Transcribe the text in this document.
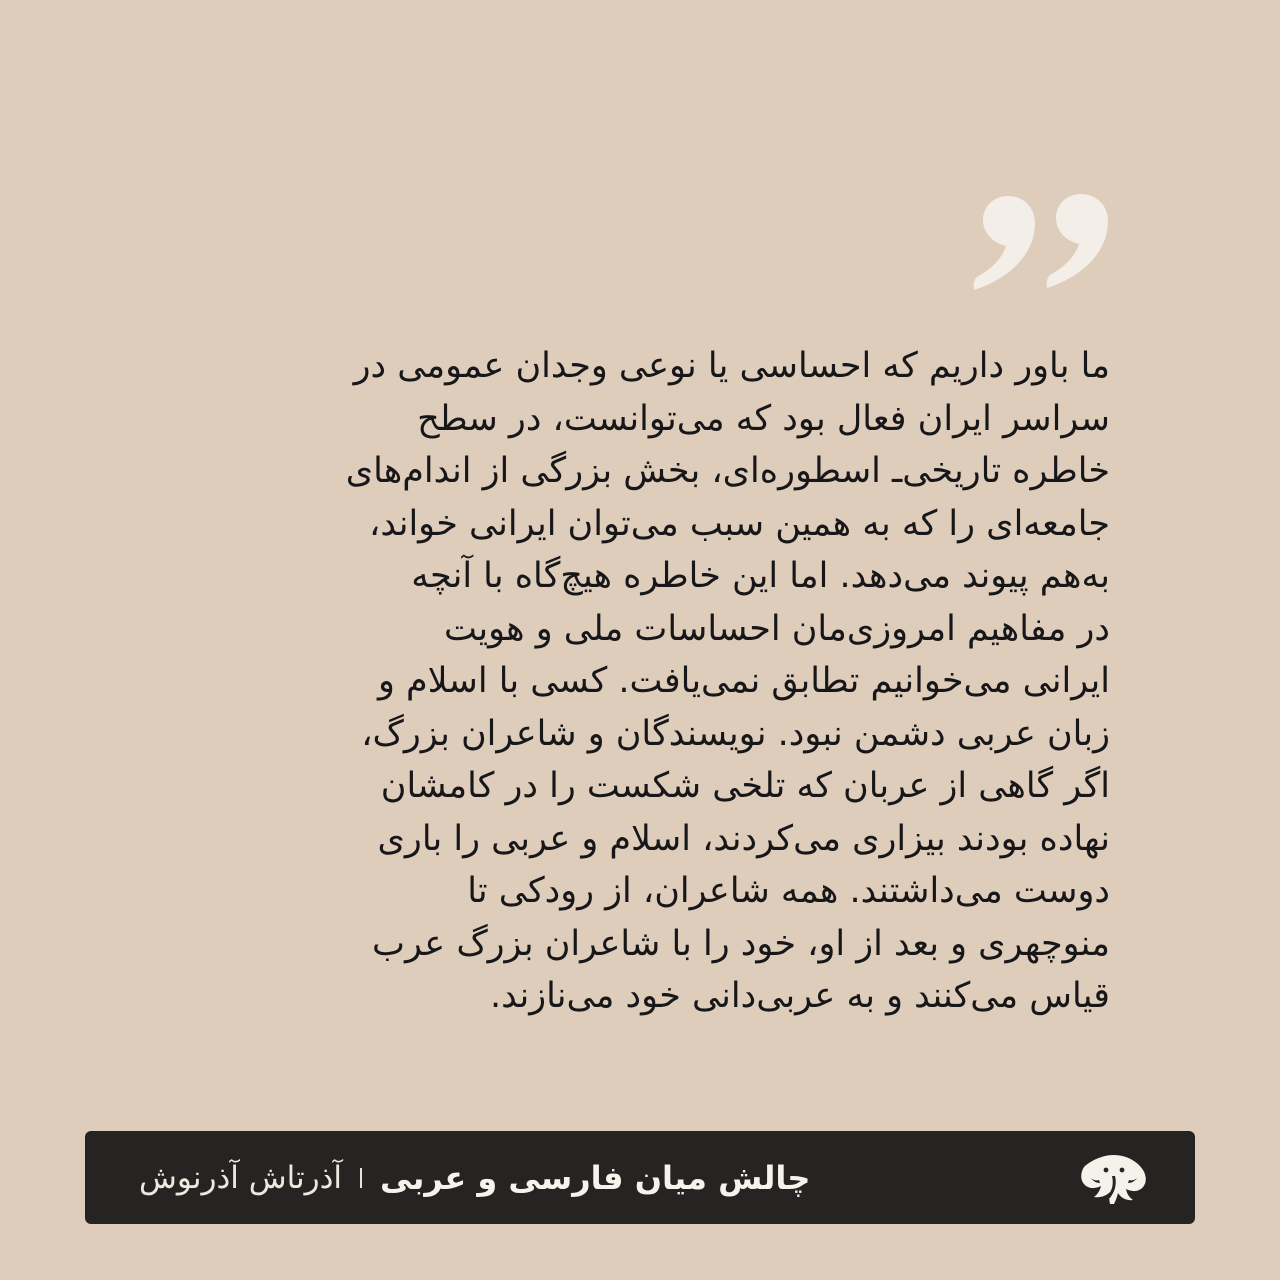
ما باور داریم که احساسی یا نوعی وجدان عمومی در
سراسر ایران فعال بود که می‌توانست، در سطح
خاطره تاریخی‌ـ اسطوره‌ای، بخش بزرگی از اندام‌های
جامعه‌ای را که به همین سبب می‌توان ایرانی خواند،
به‌هم پیوند می‌دهد. اما این خاطره هیچ‌گاه با آنچه
در مفاهیم امروزی‌مان احساسات ملی و هویت
ایرانی می‌خوانیم تطابق نمی‌یافت. کسی با اسلام و
زبان عربی دشمن نبود. نویسندگان و شاعران بزرگ،
اگر گاهی از عربان که تلخی شکست را در کامشان
نهاده بودند بیزاری می‌کردند، اسلام و عربی را باری
دوست می‌داشتند. همه شاعران، از رودکی تا
منوچهری و بعد از او، خود را با شاعران بزرگ عرب
قیاس می‌کنند و به عربی‌دانی خود می‌نازند.
چالش میان فارسی و عربی
آذرتاش آذرنوش
